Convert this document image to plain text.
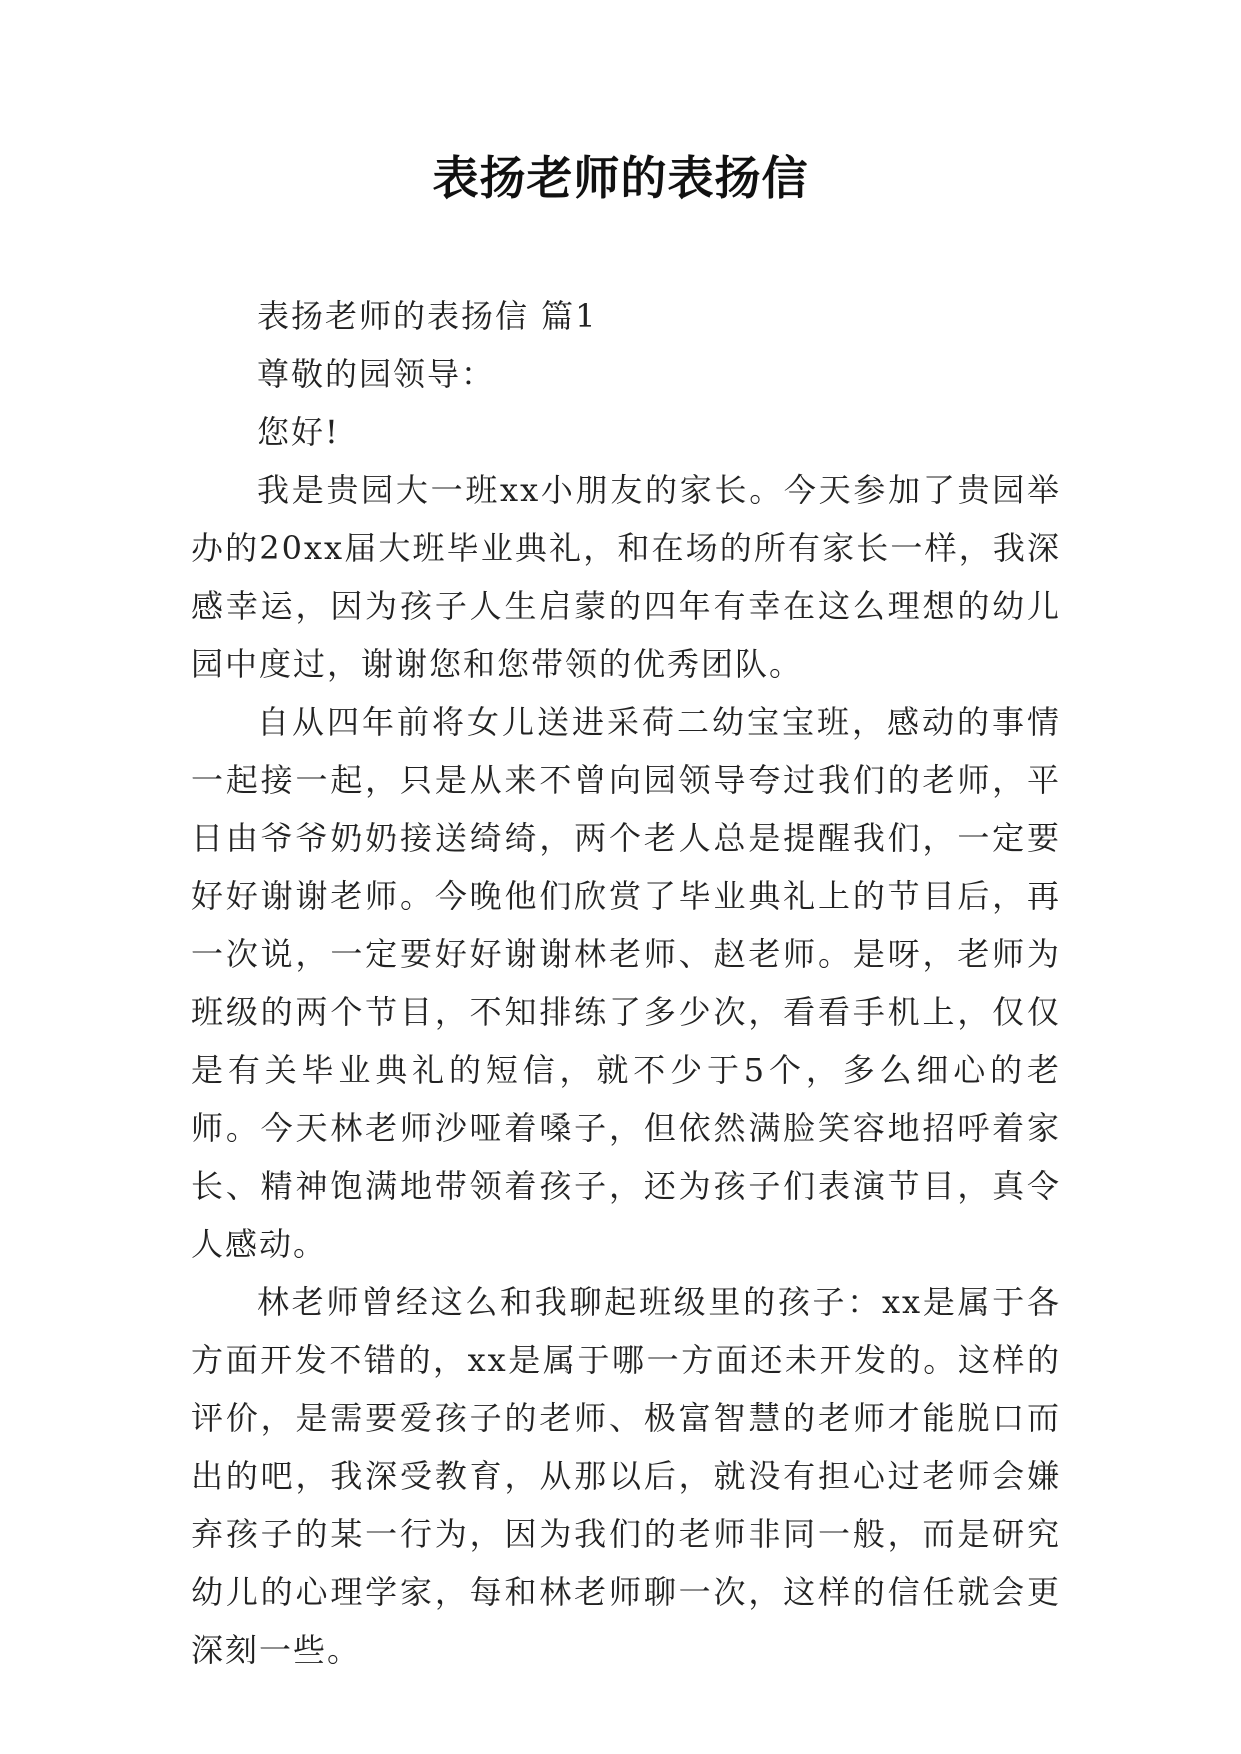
表扬老师的表扬信

表扬老师的表扬信 篇1

尊敬的园领导：

您好!

我是贵园大一班xx小朋友的家长。今天参加了贵园举办的20xx届大班毕业典礼，和在场的所有家长一样，我深感幸运，因为孩子人生启蒙的四年有幸在这么理想的幼儿园中度过，谢谢您和您带领的优秀团队。

自从四年前将女儿送进采荷二幼宝宝班，感动的事情一起接一起，只是从来不曾向园领导夸过我们的老师，平日由爷爷奶奶接送绮绮，两个老人总是提醒我们，一定要好好谢谢老师。今晚他们欣赏了毕业典礼上的节目后，再一次说，一定要好好谢谢林老师、赵老师。是呀，老师为班级的两个节目，不知排练了多少次，看看手机上，仅仅是有关毕业典礼的短信，就不少于5个，多么细心的老师。今天林老师沙哑着嗓子，但依然满脸笑容地招呼着家长、精神饱满地带领着孩子，还为孩子们表演节目，真令人感动。

林老师曾经这么和我聊起班级里的孩子：xx是属于各方面开发不错的，xx是属于哪一方面还未开发的。这样的评价，是需要爱孩子的老师、极富智慧的老师才能脱口而出的吧，我深受教育，从那以后，就没有担心过老师会嫌弃孩子的某一行为，因为我们的老师非同一般，而是研究幼儿的心理学家，每和林老师聊一次，这样的信任就会更深刻一些。
